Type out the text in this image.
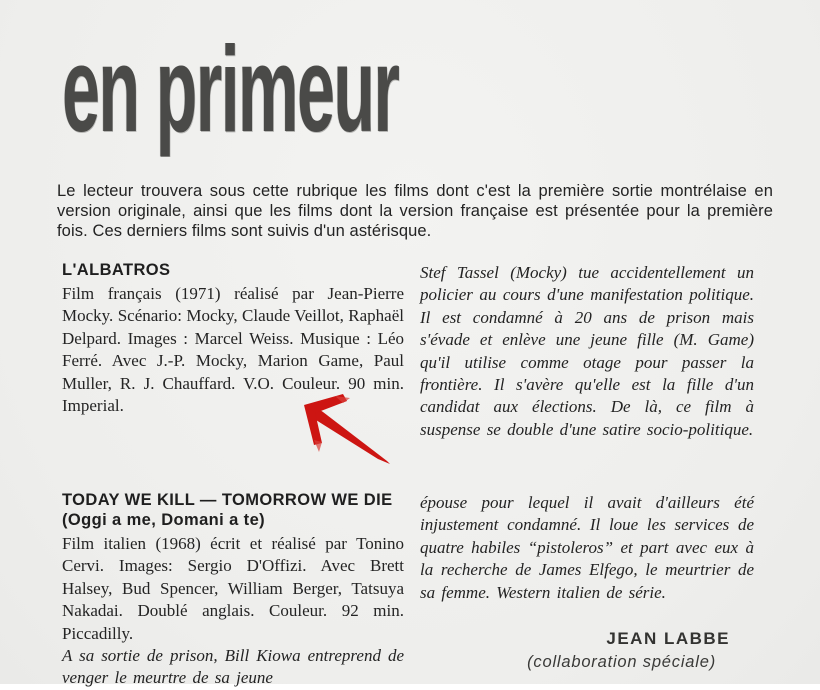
en primeur

Le lecteur trouvera sous cette rubrique les films dont c'est la première sortie montrélaise en version originale, ainsi que les films dont la version française est présentée pour la première fois. Ces derniers films sont suivis d'un astérisque.

L'ALBATROS

Film français (1971) réalisé par Jean-Pierre Mocky. Scénario: Mocky, Claude Veillot, Raphaël Delpard. Images : Marcel Weiss. Musique : Léo Ferré. Avec J.-P. Mocky, Marion Game, Paul Muller, R. J. Chauffard. V.O. Couleur. 90 min. Imperial.

Stef Tassel (Mocky) tue accidentellement un policier au cours d'une manifestation politique. Il est condamné à 20 ans de prison mais s'évade et enlève une jeune fille (M. Game) qu'il utilise comme otage pour passer la frontière. Il s'avère qu'elle est la fille d'un candidat aux élections. De là, ce film à suspense se double d'une satire socio-politique.

TODAY WE KILL — TOMORROW WE DIE (Oggi a me, Domani a te)

Film italien (1968) écrit et réalisé par Tonino Cervi. Images: Sergio D'Offizi. Avec Brett Halsey, Bud Spencer, William Berger, Tatsuya Nakadai. Doublé anglais. Couleur. 92 min. Piccadilly.

A sa sortie de prison, Bill Kiowa entreprend de venger le meurtre de sa jeune

épouse pour lequel il avait d'ailleurs été injustement condamné. Il loue les services de quatre habiles “pistoleros” et part avec eux à la recherche de James Elfego, le meurtrier de sa femme. Western italien de série.

JEAN LABBE

(collaboration spéciale)
